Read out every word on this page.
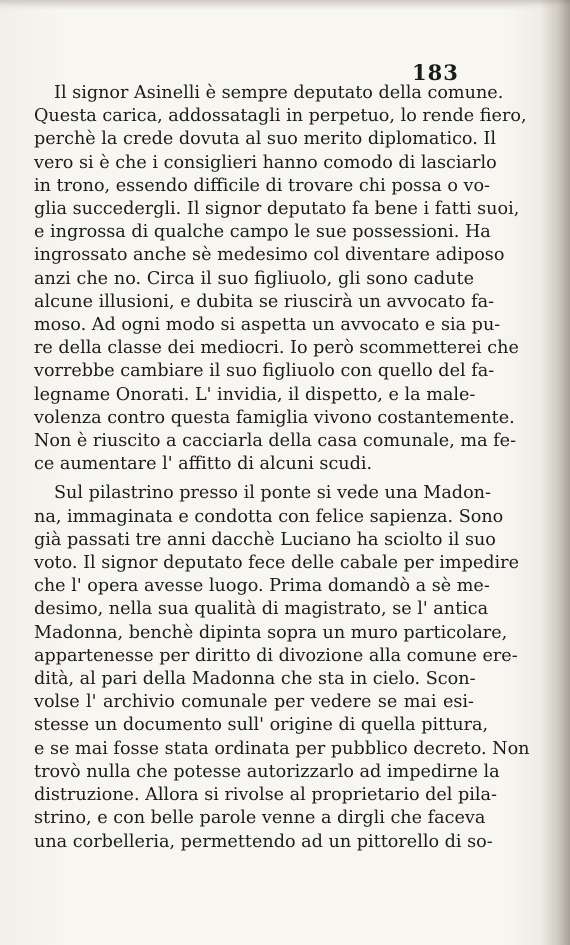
183
Il signor Asinelli è sempre deputato della comune.
Questa carica, addossatagli in perpetuo, lo rende fiero,
perchè la crede dovuta al suo merito diplomatico. Il
vero si è che i consiglieri hanno comodo di lasciarlo
in trono, essendo difficile di trovare chi possa o vo-
glia succedergli. Il signor deputato fa bene i fatti suoi,
e ingrossa di qualche campo le sue possessioni. Ha
ingrossato anche sè medesimo col diventare adiposo
anzi che no. Circa il suo figliuolo, gli sono cadute
alcune illusioni, e dubita se riuscirà un avvocato fa-
moso. Ad ogni modo si aspetta un avvocato e sia pu-
re della classe dei mediocri. Io però scommetterei che
vorrebbe cambiare il suo figliuolo con quello del fa-
legname Onorati. L' invidia, il dispetto, e la male-
volenza contro questa famiglia vivono costantemente.
Non è riuscito a cacciarla della casa comunale, ma fe-
ce aumentare l' affitto di alcuni scudi.
Sul pilastrino presso il ponte si vede una Madon-
na, immaginata e condotta con felice sapienza. Sono
già passati tre anni dacchè Luciano ha sciolto il suo
voto. Il signor deputato fece delle cabale per impedire
che l' opera avesse luogo. Prima domandò a sè me-
desimo, nella sua qualità di magistrato, se l' antica
Madonna, benchè dipinta sopra un muro particolare,
appartenesse per diritto di divozione alla comune ere-
dità, al pari della Madonna che sta in cielo. Scon-
volse l' archivio comunale per vedere se mai esi-
stesse un documento sull' origine di quella pittura,
e se mai fosse stata ordinata per pubblico decreto. Non
trovò nulla che potesse autorizzarlo ad impedirne la
distruzione. Allora si rivolse al proprietario del pila-
strino, e con belle parole venne a dirgli che faceva
una corbelleria, permettendo ad un pittorello di so-
